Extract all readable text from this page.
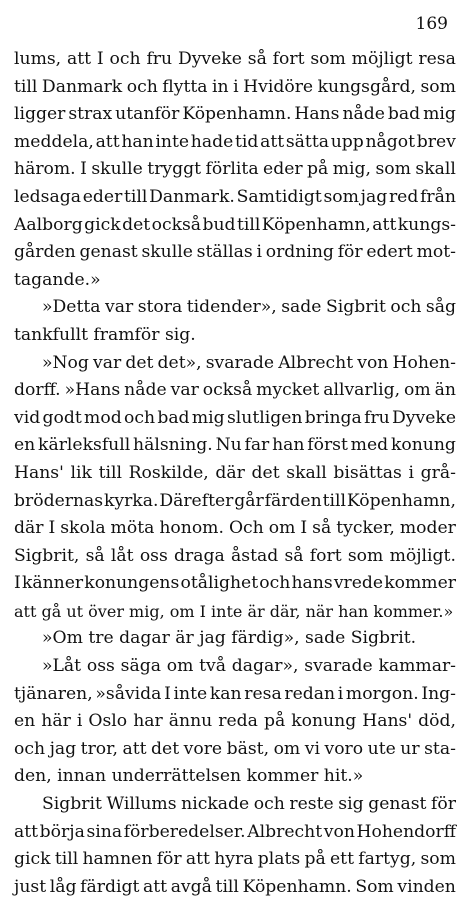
169
lums, att I och fru Dyveke så fort som möjligt resa
till Danmark och flytta in i Hvidöre kungsgård, som
ligger strax utanför Köpenhamn. Hans nåde bad mig
meddela, att han inte hade tid att sätta upp något brev
härom. I skulle tryggt förlita eder på mig, som skall
ledsaga eder till Danmark. Samtidigt som jag red från
Aalborg gick det också bud till Köpenhamn, att kungs-
gården genast skulle ställas i ordning för edert mot-
tagande.»
»Detta var stora tidender», sade Sigbrit och såg
tankfullt framför sig.
»Nog var det det», svarade Albrecht von Hohen-
dorff. »Hans nåde var också mycket allvarlig, om än
vid godt mod och bad mig slutligen bringa fru Dyveke
en kärleksfull hälsning. Nu far han först med konung
Hans' lik till Roskilde, där det skall bisättas i grå-
brödernas kyrka. Därefter går färden till Köpenhamn,
där I skola möta honom. Och om I så tycker, moder
Sigbrit, så låt oss draga åstad så fort som möjligt.
I känner konungens otålighet och hans vrede kommer
att gå ut över mig, om I inte är där, när han kommer.»
»Om tre dagar är jag färdig», sade Sigbrit.
»Låt oss säga om två dagar», svarade kammar-
tjänaren, »såvida I inte kan resa redan i morgon. Ing-
en här i Oslo har ännu reda på konung Hans' död,
och jag tror, att det vore bäst, om vi voro ute ur sta-
den, innan underrättelsen kommer hit.»
Sigbrit Willums nickade och reste sig genast för
att börja sina förberedelser. Albrecht von Hohendorff
gick till hamnen för att hyra plats på ett fartyg, som
just låg färdigt att avgå till Köpenhamn. Som vinden
